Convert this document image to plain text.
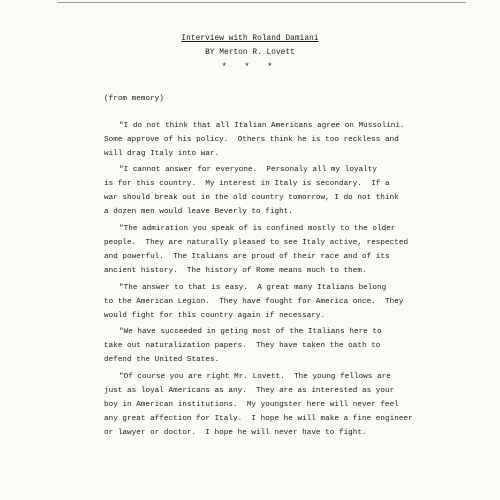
Interview with Roland Damiani
BY Merton R. Lovett
* * *
(from memory)
"I do not think that all Italian Americans agree on Mussolini.
Some approve of his policy.  Others think he is too reckless and
will drag Italy into war.
"I cannot answer for everyone.  Personaly all my loyalty
is for this country.  My interest in Italy is secondary.  If a
war should break out in the old country tomorrow, I do not think
a dozen men would leave Beverly to fight.
"The admiration you speak of is confined mostly to the older
people.  They are naturally pleased to see Italy active, respected
and powerful.  The Italians are proud of their race and of its
ancient history.  The history of Rome means much to them.
"The answer to that is easy.  A great many Italians belong
to the American Legion.  They have fought for America once.  They
would fight for this country again if necessary.
"We have succeeded in geting most of the Italians here to
take out naturalization papers.  They have taken the oath to
defend the United States.
"Of course you are right Mr. Lovett.  The young fellows are
just as loyal Americans as any.  They are as interested as your
boy in American institutions.  My youngster here will never feel
any great affection for Italy.  I hope he will make a fine engineer
or lawyer or doctor.  I hope he will never have to fight.
